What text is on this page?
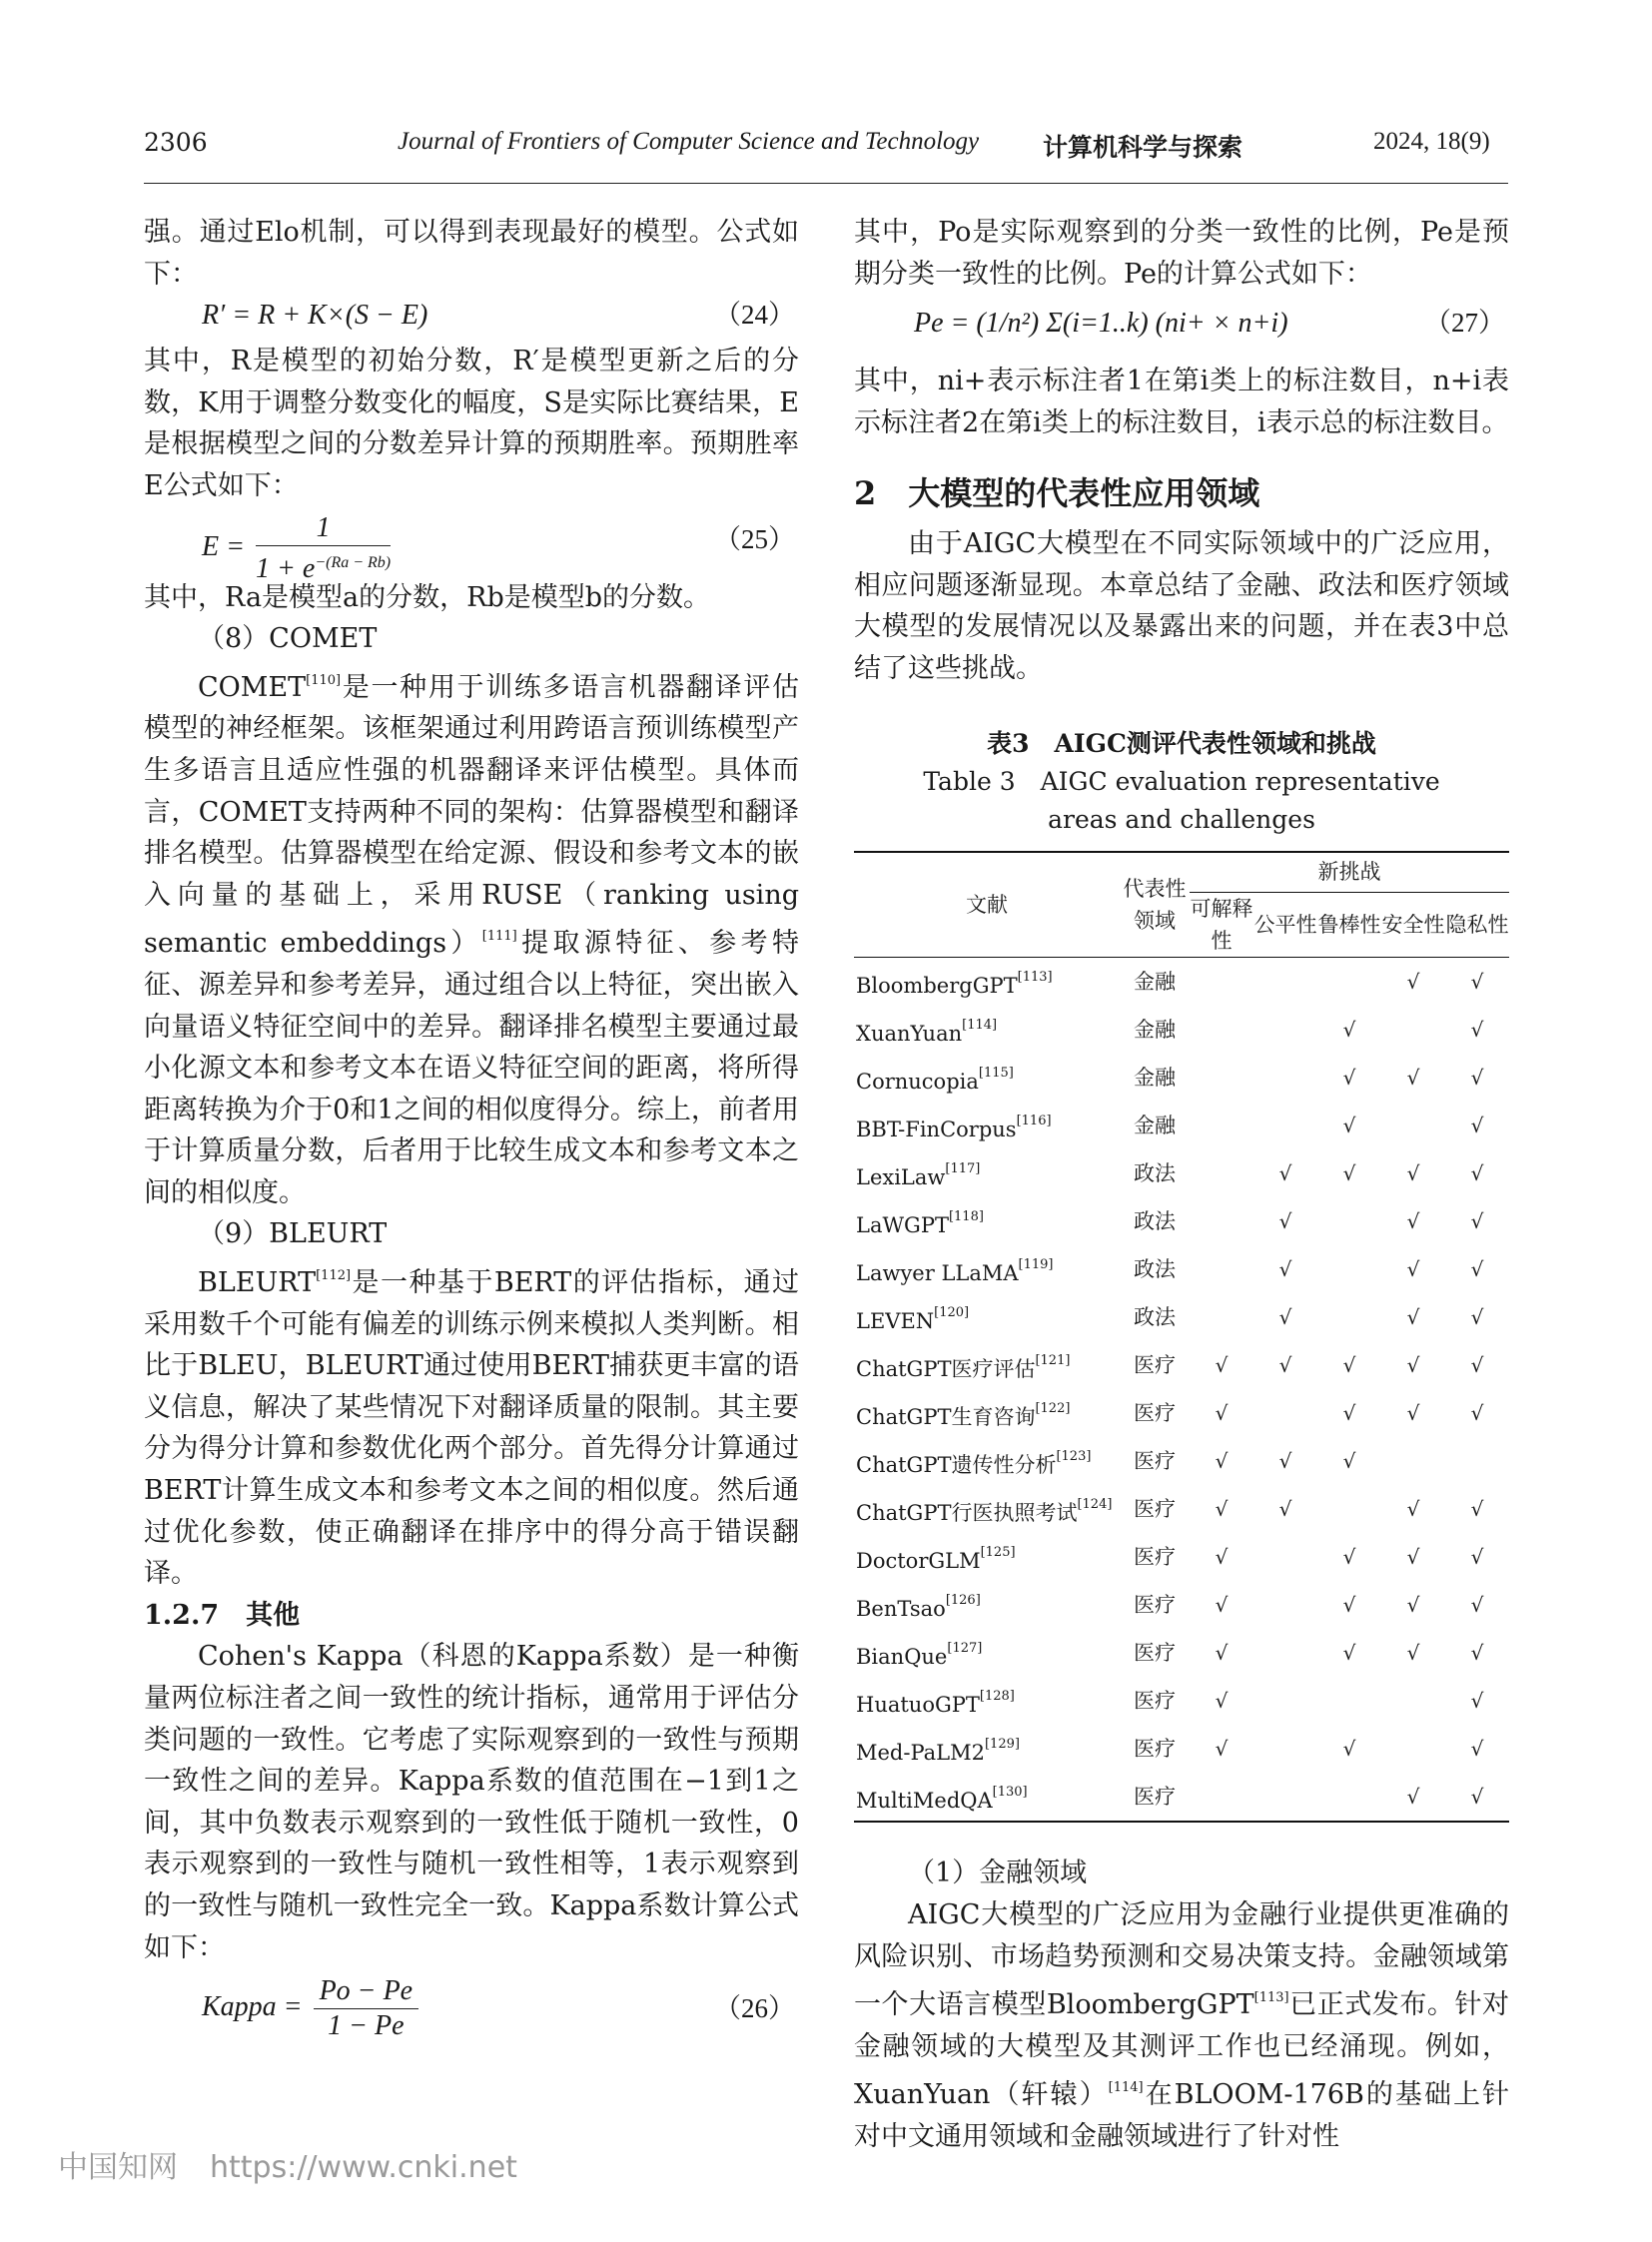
2306	Journal of Frontiers of Computer Science and Technology	计算机科学与探索	2024, 18(9)

强。通过Elo机制，可以得到表现最好的模型。公式如下：

R′ = R + K×(S − E)	（24）

其中，R是模型的初始分数，R′是模型更新之后的分数，K用于调整分数变化的幅度，S是实际比赛结果，E是根据模型之间的分数差异计算的预期胜率。预期胜率E公式如下：

$E = \frac{1}{1 + e^{-(Ra - Rb)}}$	（25）

其中，Ra是模型a的分数，Rb是模型b的分数。

（8）COMET

COMET[110]是一种用于训练多语言机器翻译评估模型的神经框架。该框架通过利用跨语言预训练模型产生多语言且适应性强的机器翻译来评估模型。具体而言，COMET支持两种不同的架构：估算器模型和翻译排名模型。估算器模型在给定源、假设和参考文本的嵌入向量的基础上，采用RUSE（ranking using semantic embeddings）[111]提取源特征、参考特征、源差异和参考差异，通过组合以上特征，突出嵌入向量语义特征空间中的差异。翻译排名模型主要通过最小化源文本和参考文本在语义特征空间的距离，将所得距离转换为介于0和1之间的相似度得分。综上，前者用于计算质量分数，后者用于比较生成文本和参考文本之间的相似度。

（9）BLEURT

BLEURT[112]是一种基于BERT的评估指标，通过采用数千个可能有偏差的训练示例来模拟人类判断。相比于BLEU，BLEURT通过使用BERT捕获更丰富的语义信息，解决了某些情况下对翻译质量的限制。其主要分为得分计算和参数优化两个部分。首先得分计算通过BERT计算生成文本和参考文本之间的相似度。然后通过优化参数，使正确翻译在排序中的得分高于错误翻译。

1.2.7　其他

Cohen's Kappa（科恩的Kappa系数）是一种衡量两位标注者之间一致性的统计指标，通常用于评估分类问题的一致性。它考虑了实际观察到的一致性与预期一致性之间的差异。Kappa系数的值范围在−1到1之间，其中负数表示观察到的一致性低于随机一致性，0表示观察到的一致性与随机一致性相等，1表示观察到的一致性与随机一致性完全一致。Kappa系数计算公式如下：

Kappa = $\frac{Po - Pe}{1 - Pe}$	（26）

其中，Po是实际观察到的分类一致性的比例，Pe是预期分类一致性的比例。Pe的计算公式如下：

Pe = (1/n²) Σ(i=1..k) (ni+ × n+i)	（27）

其中，ni+表示标注者1在第i类上的标注数目，n+i表示标注者2在第i类上的标注数目，i表示总的标注数目。

2　大模型的代表性应用领域

由于AIGC大模型在不同实际领域中的广泛应用，相应问题逐渐显现。本章总结了金融、政法和医疗领域大模型的发展情况以及暴露出来的问题，并在表3中总结了这些挑战。

表3　AIGC测评代表性领域和挑战
Table 3　AIGC evaluation representative
areas and challenges
文献	代表性领域	新挑战				
		可解释性	公平性	鲁棒性	安全性	隐私性
BloombergGPT[113]	金融				√	√
XuanYuan[114]	金融			√		√
Cornucopia[115]	金融			√	√	√
BBT-FinCorpus[116]	金融			√		√
LexiLaw[117]	政法		√	√	√	√
LaWGPT[118]	政法		√		√	√
Lawyer LLaMA[119]	政法		√		√	√
LEVEN[120]	政法		√		√	√
ChatGPT医疗评估[121]	医疗	√	√	√	√	√
ChatGPT生育咨询[122]	医疗	√		√	√	√
ChatGPT遗传性分析[123]	医疗	√	√	√		
ChatGPT行医执照考试[124]	医疗	√	√		√	√
DoctorGLM[125]	医疗	√		√	√	√
BenTsao[126]	医疗	√		√	√	√
BianQue[127]	医疗	√		√	√	√
HuatuoGPT[128]	医疗	√				√
Med-PaLM2[129]	医疗	√		√		√
MultiMedQA[130]	医疗				√	√

（1）金融领域

AIGC大模型的广泛应用为金融行业提供更准确的风险识别、市场趋势预测和交易决策支持。金融领域第一个大语言模型BloombergGPT[113]已正式发布。针对金融领域的大模型及其测评工作也已经涌现。例如，XuanYuan（轩辕）[114]在BLOOM-176B的基础上针对中文通用领域和金融领域进行了针对性

中国知网 https://www.cnki.net
